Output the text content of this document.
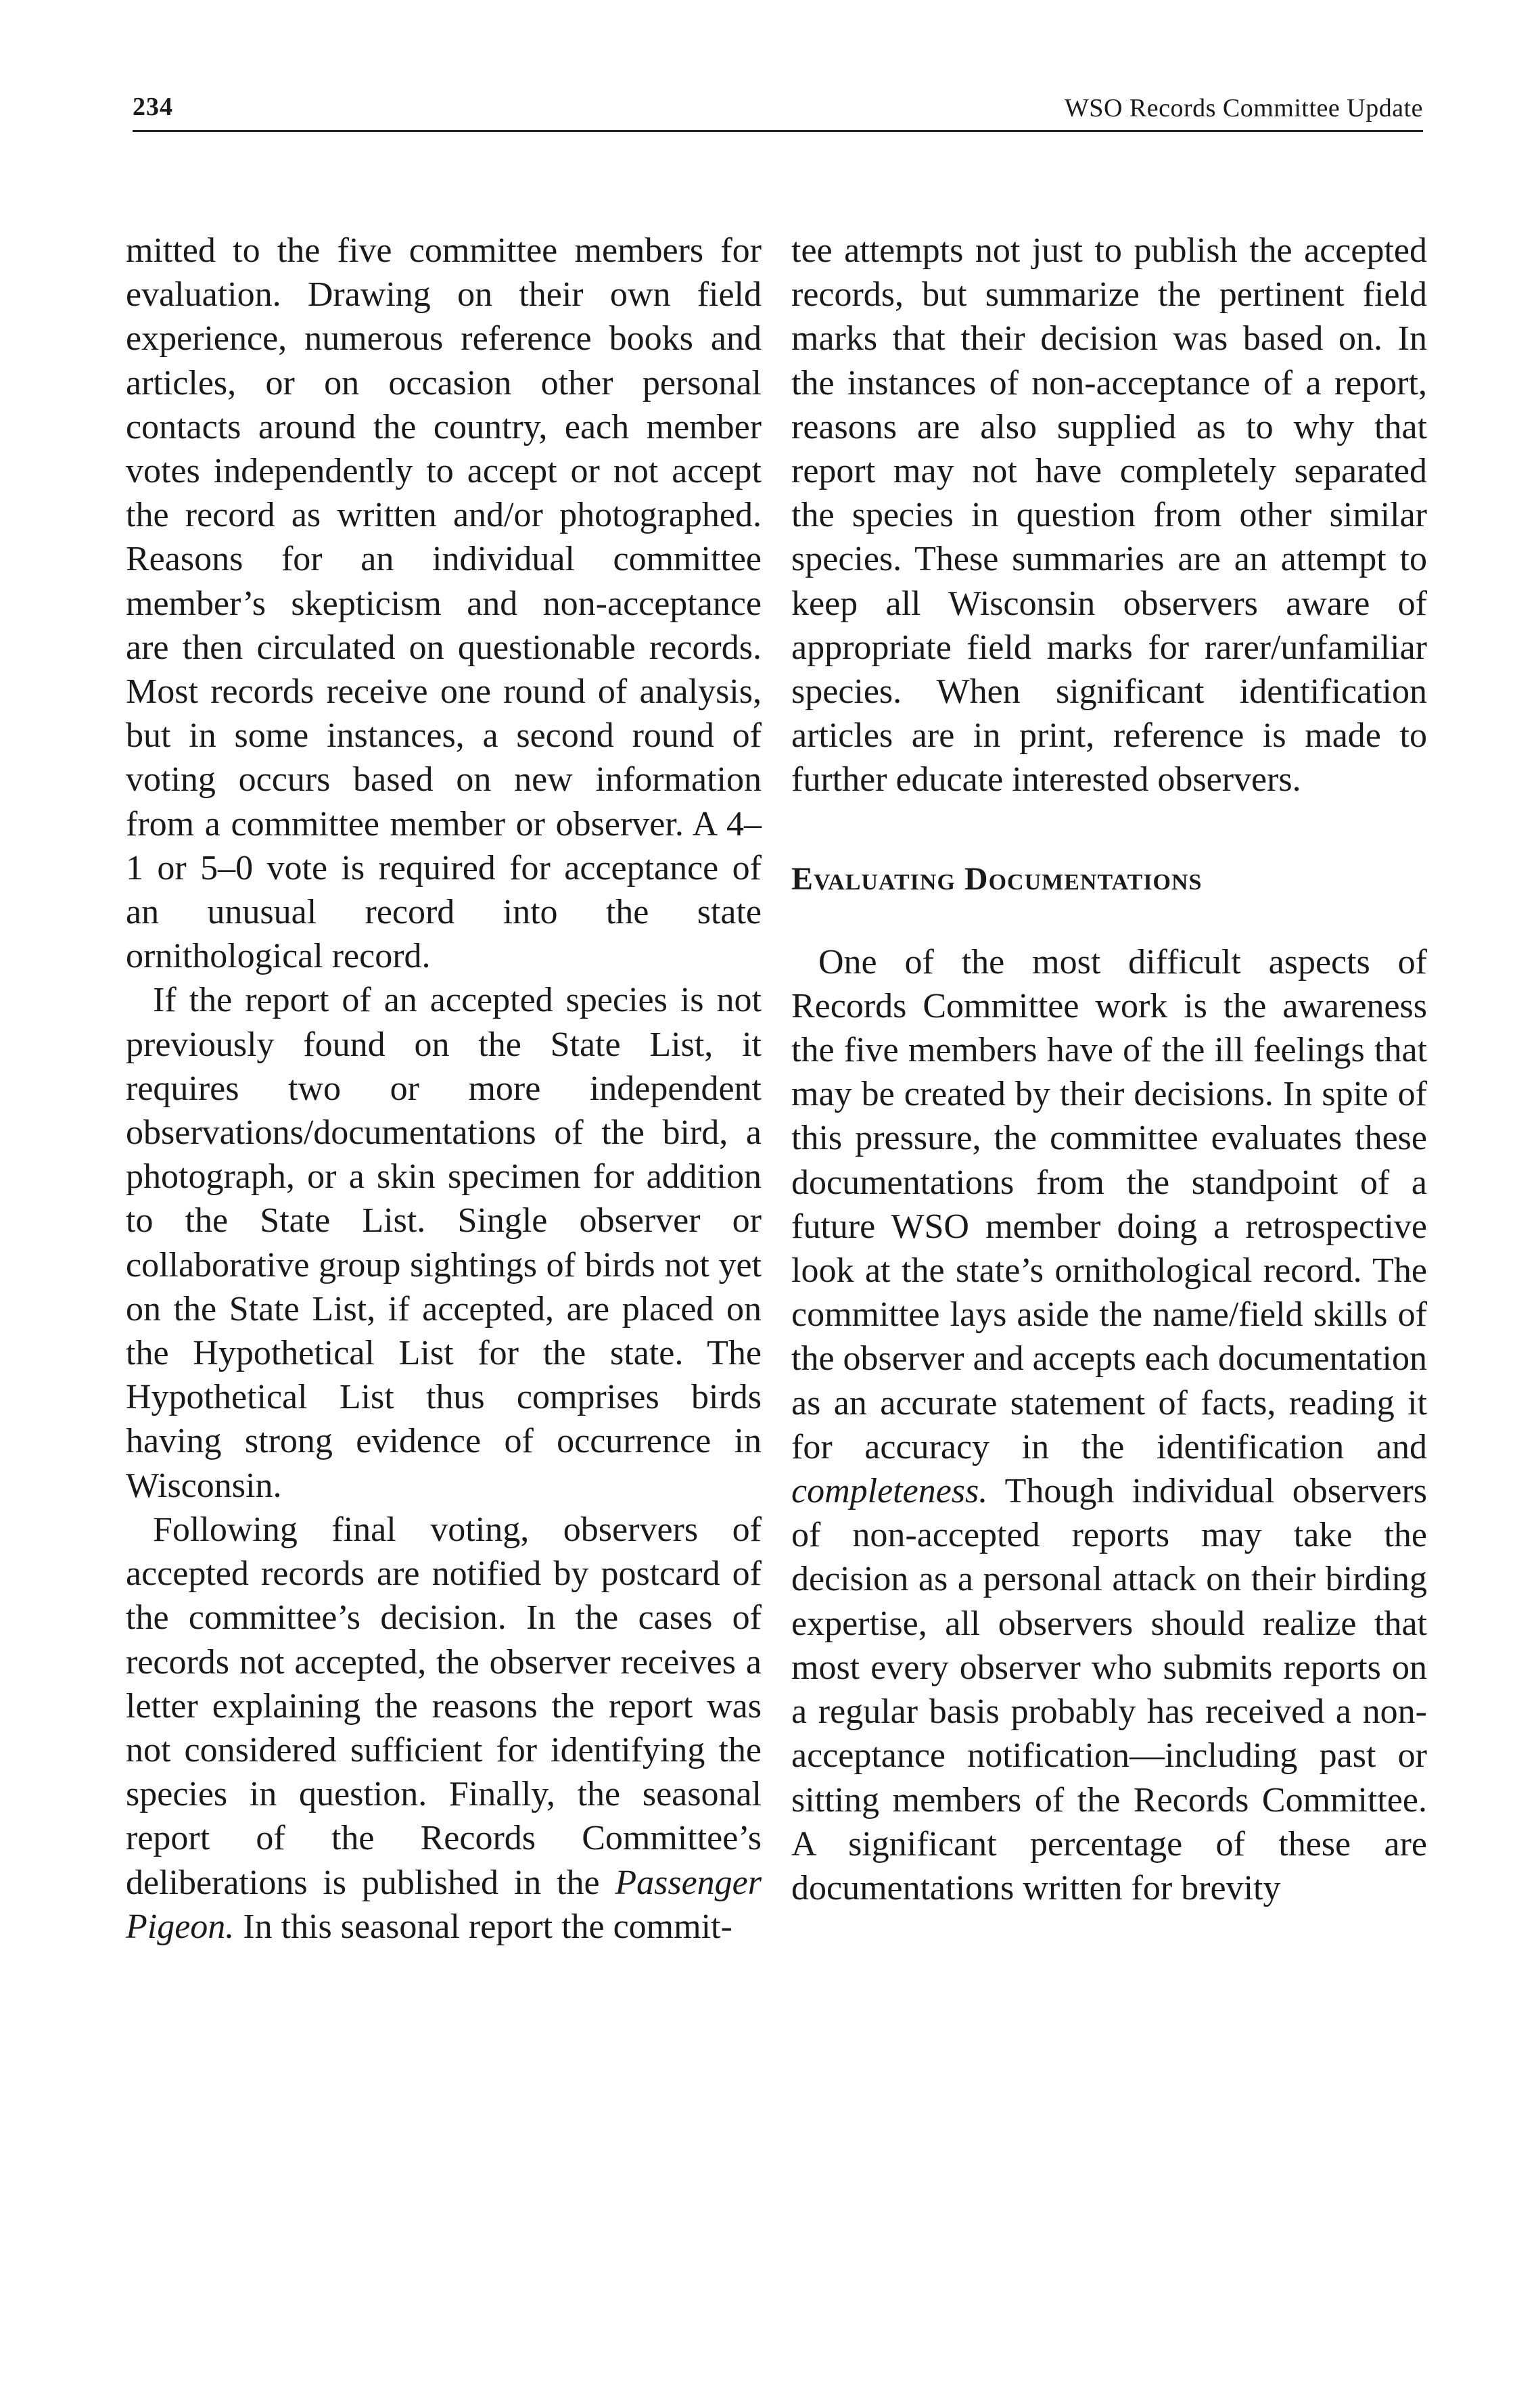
234	WSO Records Committee Update

mitted to the five committee members for evaluation. Drawing on their own field experience, numerous reference books and articles, or on occasion other personal contacts around the country, each member votes independently to accept or not accept the record as written and/or photographed. Reasons for an individual committee member’s skepticism and non-acceptance are then circulated on questionable records. Most records receive one round of analysis, but in some instances, a second round of voting occurs based on new information from a committee member or observer. A 4–1 or 5–0 vote is required for acceptance of an unusual record into the state ornithological record.

If the report of an accepted species is not previously found on the State List, it requires two or more independent observations/documentations of the bird, a photograph, or a skin specimen for addition to the State List. Single observer or collaborative group sightings of birds not yet on the State List, if accepted, are placed on the Hypothetical List for the state. The Hypothetical List thus comprises birds having strong evidence of occurrence in Wisconsin.

Following final voting, observers of accepted records are notified by postcard of the committee’s decision. In the cases of records not accepted, the observer receives a letter explaining the reasons the report was not considered sufficient for identifying the species in question. Finally, the seasonal report of the Records Committee’s deliberations is published in the Passenger Pigeon. In this seasonal report the commit-

tee attempts not just to publish the accepted records, but summarize the pertinent field marks that their decision was based on. In the instances of non-acceptance of a report, reasons are also supplied as to why that report may not have completely separated the species in question from other similar species. These summaries are an attempt to keep all Wisconsin observers aware of appropriate field marks for rarer/unfamiliar species. When significant identification articles are in print, reference is made to further educate interested observers.

Evaluating Documentations

One of the most difficult aspects of Records Committee work is the awareness the five members have of the ill feelings that may be created by their decisions. In spite of this pressure, the committee evaluates these documentations from the standpoint of a future WSO member doing a retrospective look at the state’s ornithological record. The committee lays aside the name/field skills of the observer and accepts each documentation as an accurate statement of facts, reading it for accuracy in the identification and completeness. Though individual observers of non-accepted reports may take the decision as a personal attack on their birding expertise, all observers should realize that most every observer who submits reports on a regular basis probably has received a non-acceptance notification—including past or sitting members of the Records Committee. A significant percentage of these are documentations written for brevity
